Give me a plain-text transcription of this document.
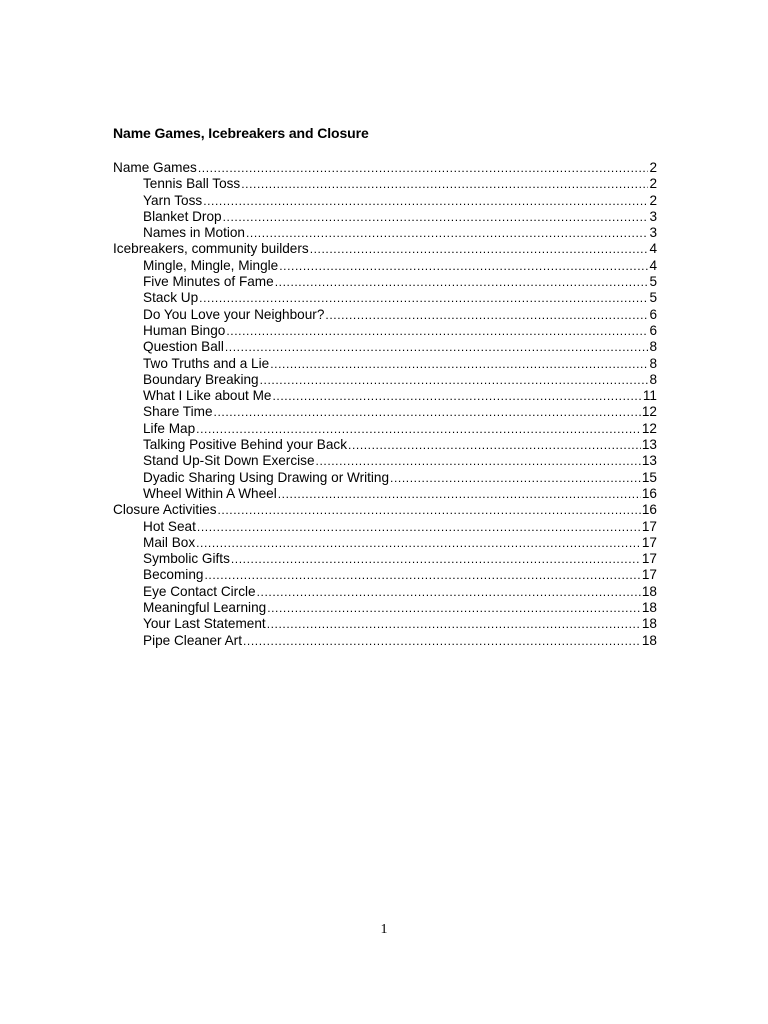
Name Games, Icebreakers and Closure
Name Games .....	2
Tennis Ball Toss .....	2
Yarn Toss .....	2
Blanket Drop .....	3
Names in Motion .....	3
Icebreakers, community builders .....	4
Mingle, Mingle, Mingle .....	4
Five Minutes of Fame .....	5
Stack Up .....	5
Do You Love your Neighbour? .....	6
Human Bingo .....	6
Question Ball .....	8
Two Truths and a Lie .....	8
Boundary Breaking .....	8
What I Like about Me .....	11
Share Time .....	12
Life Map .....	12
Talking Positive Behind your Back .....	13
Stand Up-Sit Down Exercise .....	13
Dyadic Sharing Using Drawing or Writing .....	15
Wheel Within A Wheel .....	16
Closure Activities .....	16
Hot Seat .....	17
Mail Box .....	17
Symbolic Gifts .....	17
Becoming .....	17
Eye Contact Circle .....	18
Meaningful Learning .....	18
Your Last Statement .....	18
Pipe Cleaner Art .....	18
1
